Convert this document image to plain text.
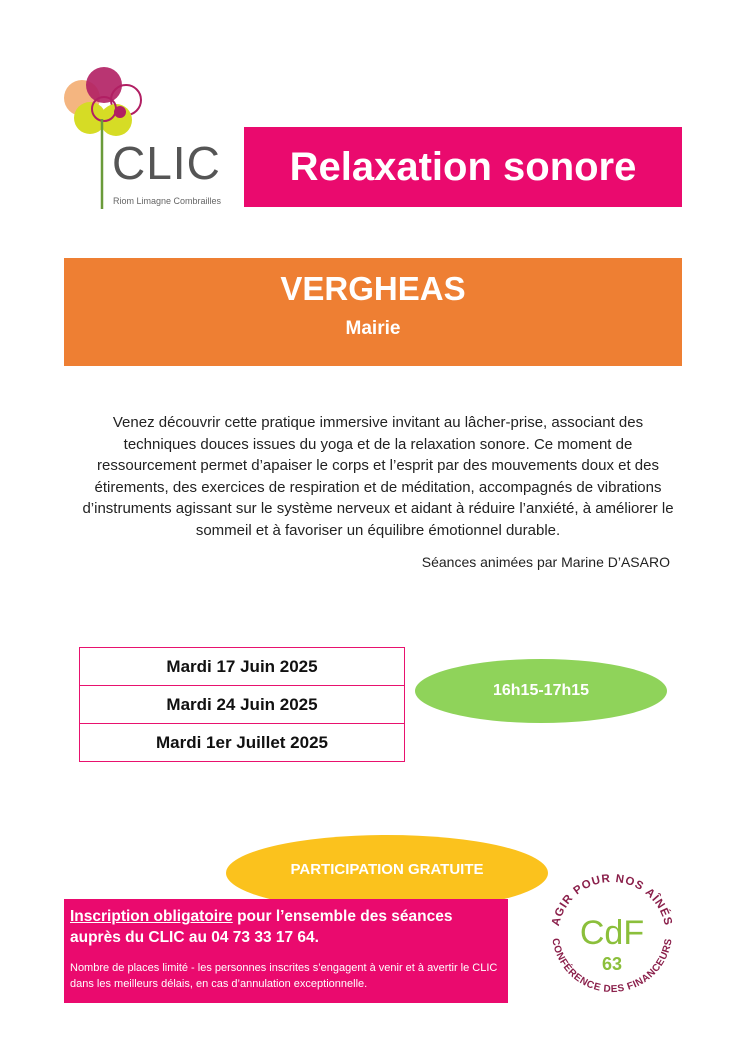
CLIC
Riom Limagne Combrailles
Relaxation sonore
VERGHEAS
Mairie
Venez découvrir cette pratique immersive invitant au lâcher-prise, associant des techniques douces issues du yoga et de la relaxation sonore. Ce moment de ressourcement permet d’apaiser le corps et l’esprit par des mouvements doux et des étirements, des exercices de respiration et de méditation, accompagnés de vibrations d’instruments agissant sur le système nerveux et aidant à réduire l’anxiété, à améliorer le sommeil et à favoriser un équilibre émotionnel durable.
Séances animées par Marine D’ASARO
Mardi 17 Juin 2025
Mardi 24 Juin 2025
Mardi 1er Juillet 2025
16h15-17h15
PARTICIPATION GRATUITE
Inscription obligatoire pour l’ensemble des séances auprès du CLIC au 04 73 33 17 64.
Nombre de places limité - les personnes inscrites s’engagent à venir et à avertir le CLIC dans les meilleurs délais, en cas d’annulation exceptionnelle.
AGIR POUR NOS AÎNÉS
CONFÉRENCE DES FINANCEURS
CdF
63
